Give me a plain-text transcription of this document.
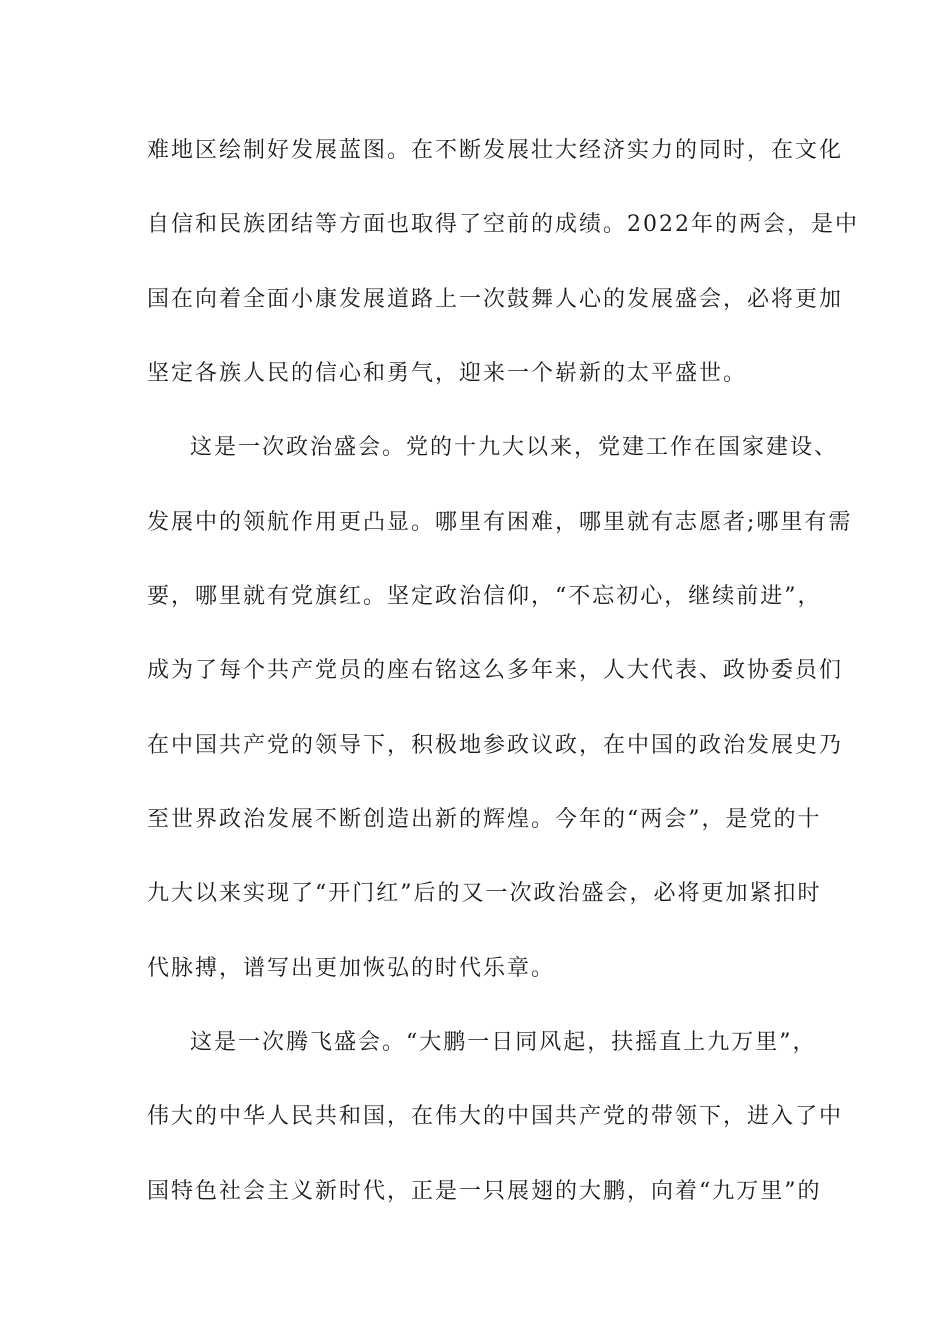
难地区绘制好发展蓝图。在不断发展壮大经济实力的同时，在文化
自信和民族团结等方面也取得了空前的成绩。2022年的两会，是中
国在向着全面小康发展道路上一次鼓舞人心的发展盛会，必将更加
坚定各族人民的信心和勇气，迎来一个崭新的太平盛世。
这是一次政治盛会。党的十九大以来，党建工作在国家建设、
发展中的领航作用更凸显。哪里有困难，哪里就有志愿者;哪里有需
要，哪里就有党旗红。坚定政治信仰，“不忘初心，继续前进”，
成为了每个共产党员的座右铭这么多年来，人大代表、政协委员们
在中国共产党的领导下，积极地参政议政，在中国的政治发展史乃
至世界政治发展不断创造出新的辉煌。今年的“两会”，是党的十
九大以来实现了“开门红”后的又一次政治盛会，必将更加紧扣时
代脉搏，谱写出更加恢弘的时代乐章。
这是一次腾飞盛会。“大鹏一日同风起，扶摇直上九万里”，
伟大的中华人民共和国，在伟大的中国共产党的带领下，进入了中
国特色社会主义新时代，正是一只展翅的大鹏，向着“九万里”的
